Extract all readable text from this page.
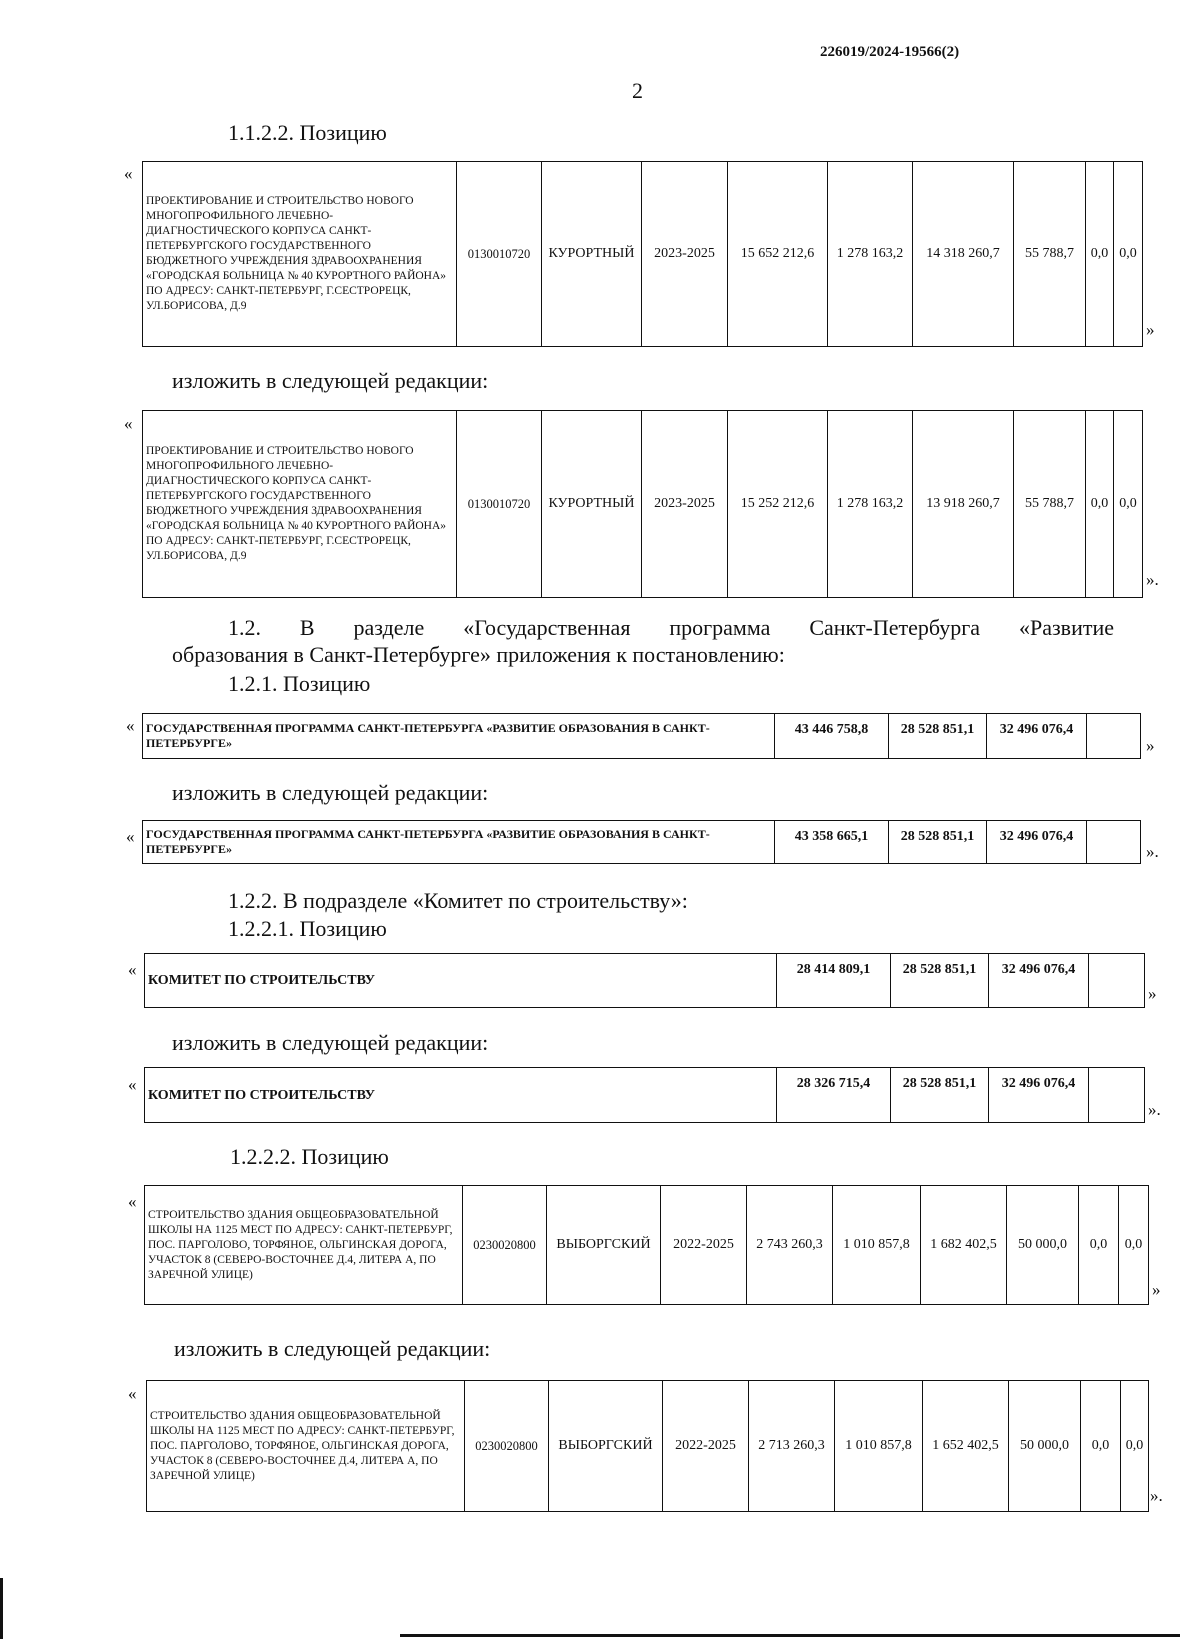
226019/2024-19566(2)
2
1.1.2.2. Позицию
«
ПРОЕКТИРОВАНИЕ И СТРОИТЕЛЬСТВО НОВОГО МНОГОПРОФИЛЬНОГО ЛЕЧЕБНО-ДИАГНОСТИЧЕСКОГО КОРПУСА САНКТ-ПЕТЕРБУРГСКОГО ГОСУДАРСТВЕННОГО БЮДЖЕТНОГО УЧРЕЖДЕНИЯ ЗДРАВООХРАНЕНИЯ «ГОРОДСКАЯ БОЛЬНИЦА № 40 КУРОРТНОГО РАЙОНА» ПО АДРЕСУ: САНКТ-ПЕТЕРБУРГ, Г.СЕСТРОРЕЦК, УЛ.БОРИСОВА, Д.9	0130010720	КУРОРТНЫЙ	2023-2025	15 652 212,6	1 278 163,2	14 318 260,7	55 788,7	0,0	0,0
»
изложить в следующей редакции:
«
ПРОЕКТИРОВАНИЕ И СТРОИТЕЛЬСТВО НОВОГО МНОГОПРОФИЛЬНОГО ЛЕЧЕБНО-ДИАГНОСТИЧЕСКОГО КОРПУСА САНКТ-ПЕТЕРБУРГСКОГО ГОСУДАРСТВЕННОГО БЮДЖЕТНОГО УЧРЕЖДЕНИЯ ЗДРАВООХРАНЕНИЯ «ГОРОДСКАЯ БОЛЬНИЦА № 40 КУРОРТНОГО РАЙОНА» ПО АДРЕСУ: САНКТ-ПЕТЕРБУРГ, Г.СЕСТРОРЕЦК, УЛ.БОРИСОВА, Д.9	0130010720	КУРОРТНЫЙ	2023-2025	15 252 212,6	1 278 163,2	13 918 260,7	55 788,7	0,0	0,0
».
1.2. В разделе «Государственная программа Санкт-Петербурга «Развитие
образования в Санкт-Петербурге» приложения к постановлению:
1.2.1. Позицию
« ГОСУДАРСТВЕННАЯ ПРОГРАММА САНКТ-ПЕТЕРБУРГА «РАЗВИТИЕ ОБРАЗОВАНИЯ В САНКТ-ПЕТЕРБУРГЕ»	43 446 758,8	28 528 851,1	32 496 076,4	
»
изложить в следующей редакции:
« ГОСУДАРСТВЕННАЯ ПРОГРАММА САНКТ-ПЕТЕРБУРГА «РАЗВИТИЕ ОБРАЗОВАНИЯ В САНКТ-ПЕТЕРБУРГЕ»	43 358 665,1	28 528 851,1	32 496 076,4	
».
1.2.2. В подразделе «Комитет по строительству»:
1.2.2.1. Позицию
«
КОМИТЕТ ПО СТРОИТЕЛЬСТВУ	28 414 809,1	28 528 851,1	32 496 076,4	
»
изложить в следующей редакции:
«
КОМИТЕТ ПО СТРОИТЕЛЬСТВУ	28 326 715,4	28 528 851,1	32 496 076,4	
».
1.2.2.2. Позицию
«
СТРОИТЕЛЬСТВО ЗДАНИЯ ОБЩЕОБРАЗОВАТЕЛЬНОЙ ШКОЛЫ НА 1125 МЕСТ ПО АДРЕСУ: САНКТ-ПЕТЕРБУРГ, ПОС. ПАРГОЛОВО, ТОРФЯНОЕ, ОЛЬГИНСКАЯ ДОРОГА, УЧАСТОК 8 (СЕВЕРО-ВОСТОЧНЕЕ Д.4, ЛИТЕРА А, ПО ЗАРЕЧНОЙ УЛИЦЕ)	0230020800	ВЫБОРГСКИЙ	2022-2025	2 743 260,3	1 010 857,8	1 682 402,5	50 000,0	0,0	0,0
»
изложить в следующей редакции:
«
СТРОИТЕЛЬСТВО ЗДАНИЯ ОБЩЕОБРАЗОВАТЕЛЬНОЙ ШКОЛЫ НА 1125 МЕСТ ПО АДРЕСУ: САНКТ-ПЕТЕРБУРГ, ПОС. ПАРГОЛОВО, ТОРФЯНОЕ, ОЛЬГИНСКАЯ ДОРОГА, УЧАСТОК 8 (СЕВЕРО-ВОСТОЧНЕЕ Д.4, ЛИТЕРА А, ПО ЗАРЕЧНОЙ УЛИЦЕ)	0230020800	ВЫБОРГСКИЙ	2022-2025	2 713 260,3	1 010 857,8	1 652 402,5	50 000,0	0,0	0,0
».
